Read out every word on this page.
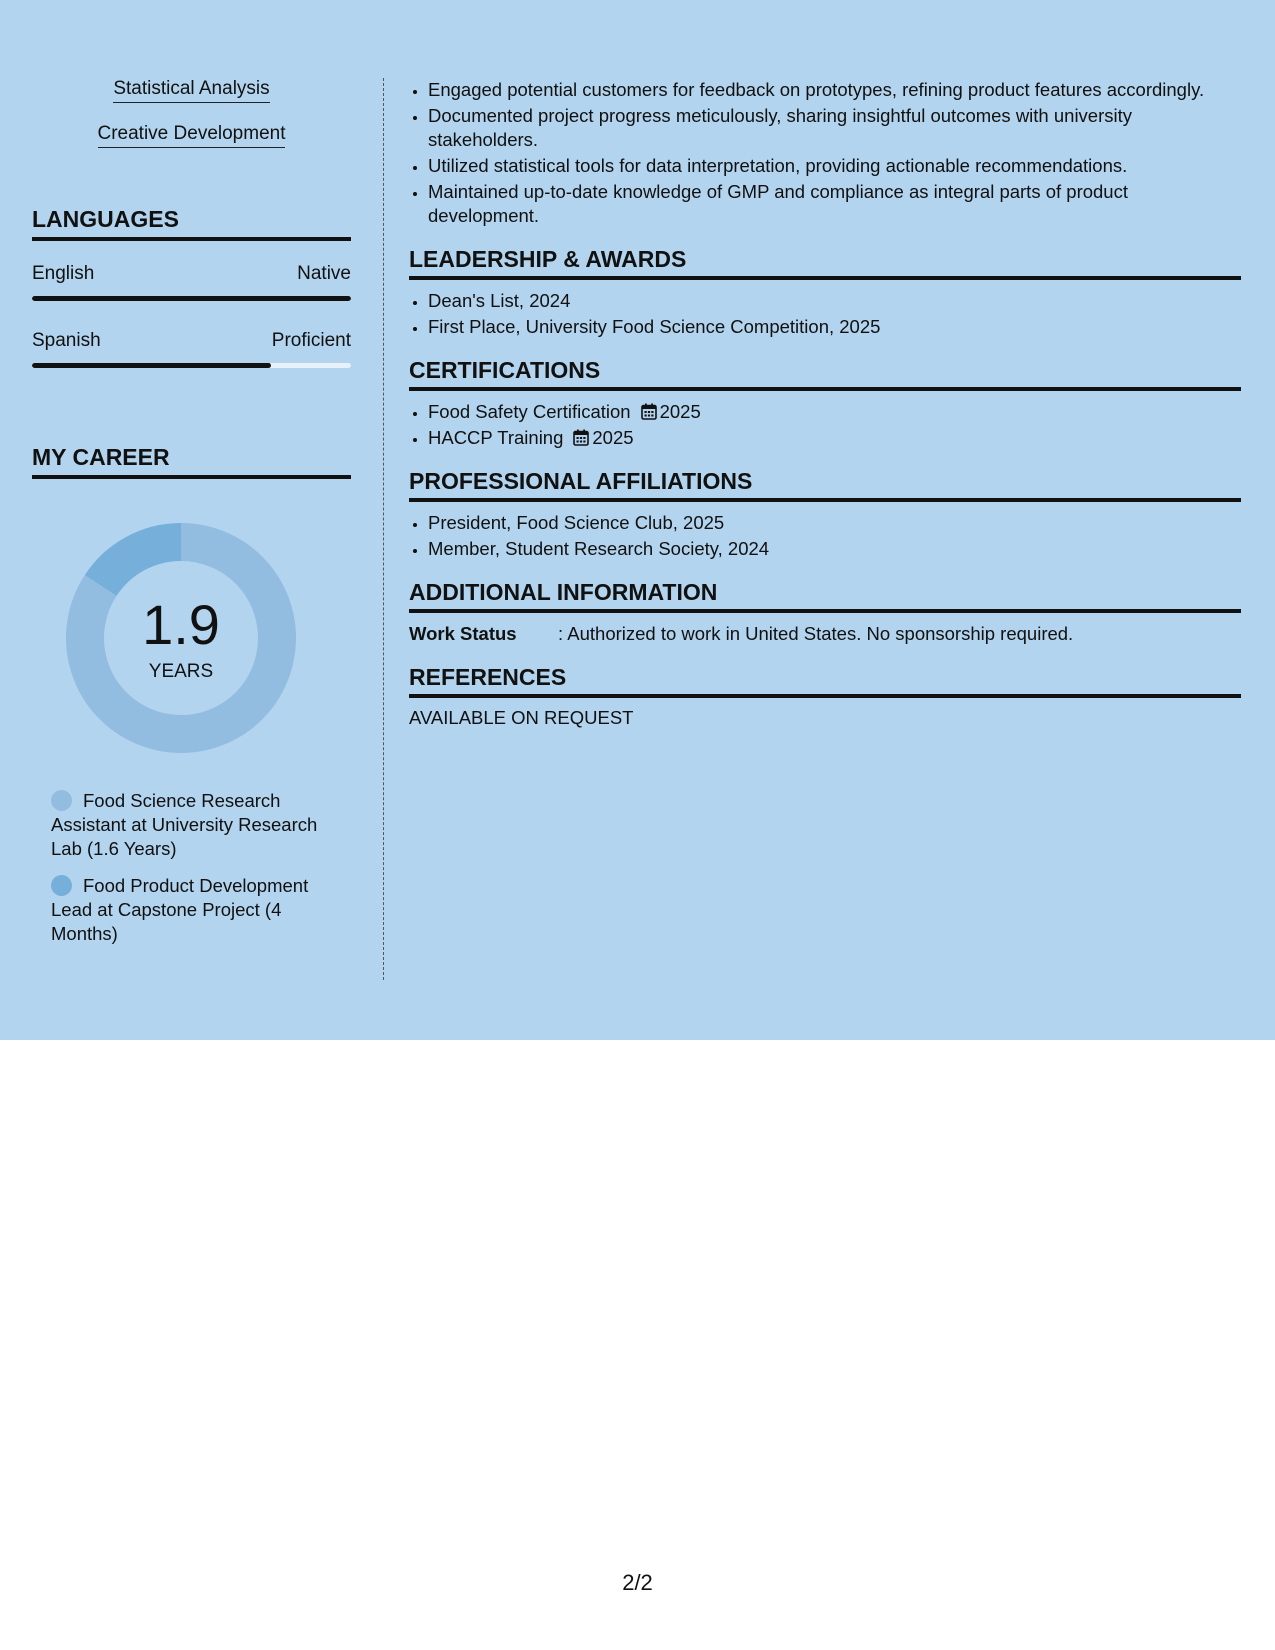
Statistical Analysis
Creative Development
LANGUAGES
English	Native
Spanish	Proficient
MY CAREER
1.9
YEARS
Food Science Research Assistant at University Research Lab (1.6 Years)
Food Product Development Lead at Capstone Project (4 Months)
• Engaged potential customers for feedback on prototypes, refining product features accordingly.
• Documented project progress meticulously, sharing insightful outcomes with university stakeholders.
• Utilized statistical tools for data interpretation, providing actionable recommendations.
• Maintained up-to-date knowledge of GMP and compliance as integral parts of product development.
LEADERSHIP & AWARDS
• Dean's List, 2024
• First Place, University Food Science Competition, 2025
CERTIFICATIONS
• Food Safety Certification 2025
• HACCP Training 2025
PROFESSIONAL AFFILIATIONS
• President, Food Science Club, 2025
• Member, Student Research Society, 2024
ADDITIONAL INFORMATION
Work Status : Authorized to work in United States. No sponsorship required.
REFERENCES
AVAILABLE ON REQUEST
2/2
